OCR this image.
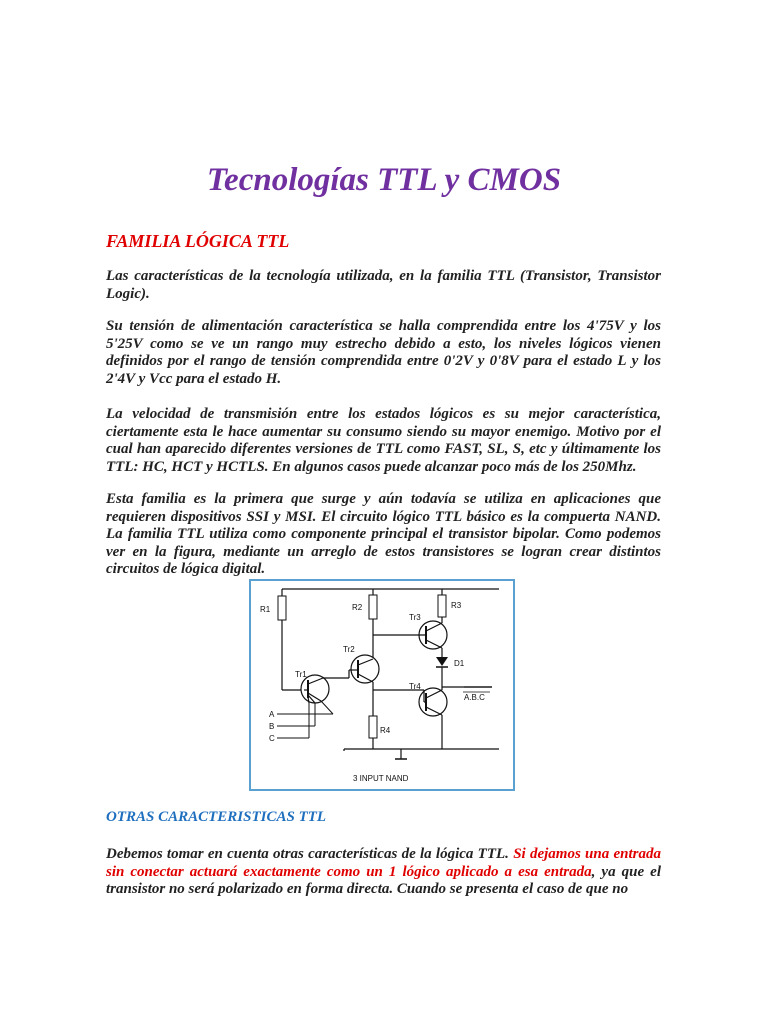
Tecnologías TTL y CMOS
FAMILIA LÓGICA TTL

Las características de la tecnología utilizada, en la familia TTL (Transistor, Transistor Logic).

Su tensión de alimentación característica se halla comprendida entre los 4'75V y los 5'25V como se ve un rango muy estrecho debido a esto, los niveles lógicos vienen definidos por el rango de tensión comprendida entre 0'2V y 0'8V para el estado L y los 2'4V y Vcc para el estado H.

La velocidad de transmisión entre los estados lógicos es su mejor característica, ciertamente esta le hace aumentar su consumo siendo su mayor enemigo. Motivo por el cual han aparecido diferentes versiones de TTL como FAST, SL, S, etc y últimamente los TTL: HC, HCT y HCTLS. En algunos casos puede alcanzar poco más de los 250Mhz.

Esta familia es la primera que surge y aún todavía se utiliza en aplicaciones que requieren dispositivos SSI y MSI. El circuito lógico TTL básico es la compuerta NAND. La familia TTL utiliza como componente principal el transistor bipolar. Como podemos ver en la figura, mediante un arreglo de estos transistores se logran crear distintos circuitos de lógica digital.

R1
Tr1
A
B
C
R2
Tr2
R4
R3
Tr3
D1
A.B.C
Tr4
3 INPUT NAND
OTRAS CARACTERISTICAS TTL

Debemos tomar en cuenta otras características de la lógica TTL. Si dejamos una entrada sin conectar actuará exactamente como un 1 lógico aplicado a esa entrada, ya que el transistor no será polarizado en forma directa. Cuando se presenta el caso de que no
